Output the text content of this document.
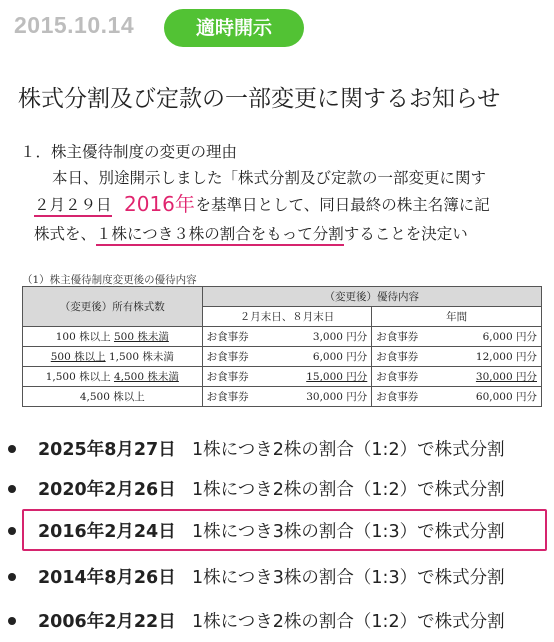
2015.10.14	適時開示
株式分割及び定款の一部変更に関するお知らせ
１．株主優待制度の変更の理由
本日、別途開示しました「株式分割及び定款の一部変更に関す
２月２９日	を基準日として、同日最終の株主名簿に記
2016年
株式を、１株につき３株の割合をもって分割することを決定い
（1）株主優待制度変更後の優待内容
（変更後）所有株式数	（変更後）優待内容	
	２月末日、８月末日	年間
100 株以上 500 株未満	お食事券 3,000 円分	お食事券 6,000 円分

500 株以上 1,500 株未満	お食事券 6,000 円分	お食事券 12,000 円分

1,500 株以上 4,500 株未満	お食事券 15,000 円分	お食事券 30,000 円分

4,500 株以上	お食事券 30,000 円分	お食事券 60,000 円分
2025年8月27日 1株につき2株の割合（1:2）で株式分割
2020年2月26日 1株につき2株の割合（1:2）で株式分割
2016年2月24日 1株につき3株の割合（1:3）で株式分割
2014年8月26日 1株につき3株の割合（1:3）で株式分割
2006年2月22日 1株につき2株の割合（1:2）で株式分割
